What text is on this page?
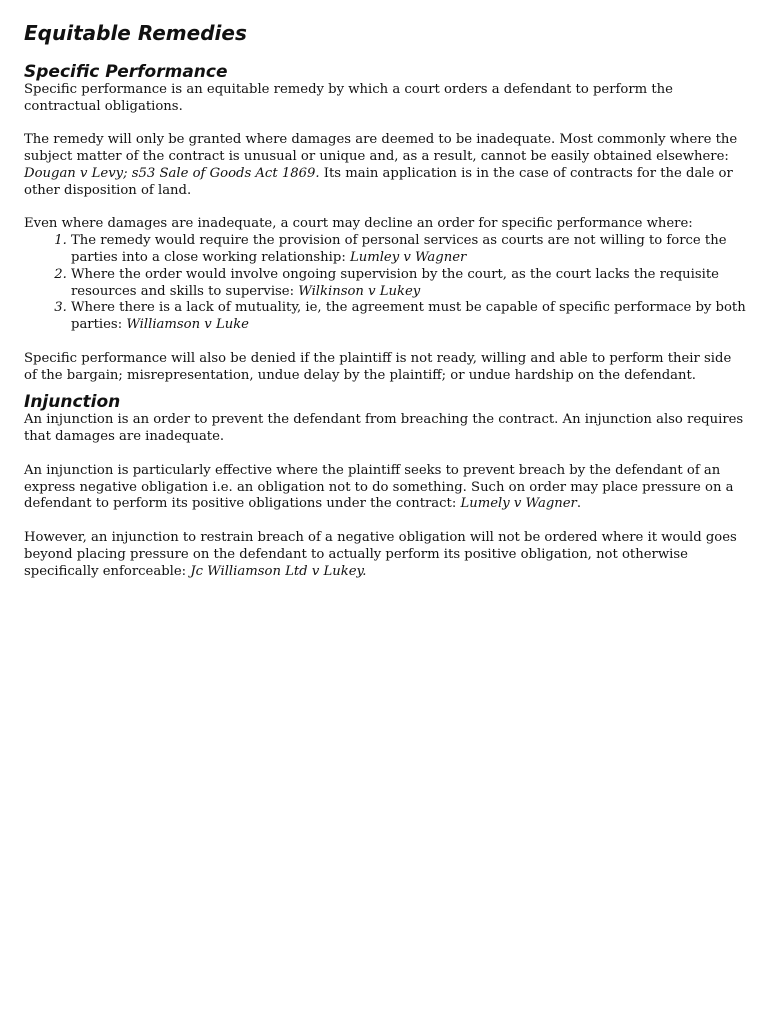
Equitable Remedies
Specific Performance

Specific performance is an equitable remedy by which a court orders a defendant to perform the contractual obligations.

The remedy will only be granted where damages are deemed to be inadequate. Most commonly where the subject matter of the contract is unusual or unique and, as a result, cannot be easily obtained elsewhere: Dougan v Levy; s53 Sale of Goods Act 1869. Its main application is in the case of contracts for the dale or other disposition of land.

Even where damages are inadequate, a court may decline an order for specific performance where:
1. The remedy would require the provision of personal services as courts are not willing to force the parties into a close working relationship: Lumley v Wagner
2. Where the order would involve ongoing supervision by the court, as the court lacks the requisite resources and skills to supervise: Wilkinson v Lukey
3. Where there is a lack of mutuality, ie, the agreement must be capable of specific performace by both parties: Williamson v Luke

Specific performance will also be denied if the plaintiff is not ready, willing and able to perform their side of the bargain; misrepresentation, undue delay by the plaintiff; or undue hardship on the defendant.

Injunction

An injunction is an order to prevent the defendant from breaching the contract. An injunction also requires that damages are inadequate.

An injunction is particularly effective where the plaintiff seeks to prevent breach by the defendant of an express negative obligation i.e. an obligation not to do something. Such on order may place pressure on a defendant to perform its positive obligations under the contract: Lumely v Wagner.

However, an injunction to restrain breach of a negative obligation will not be ordered where it would goes beyond placing pressure on the defendant to actually perform its positive obligation, not otherwise specifically enforceable: Jc Williamson Ltd v Lukey.
